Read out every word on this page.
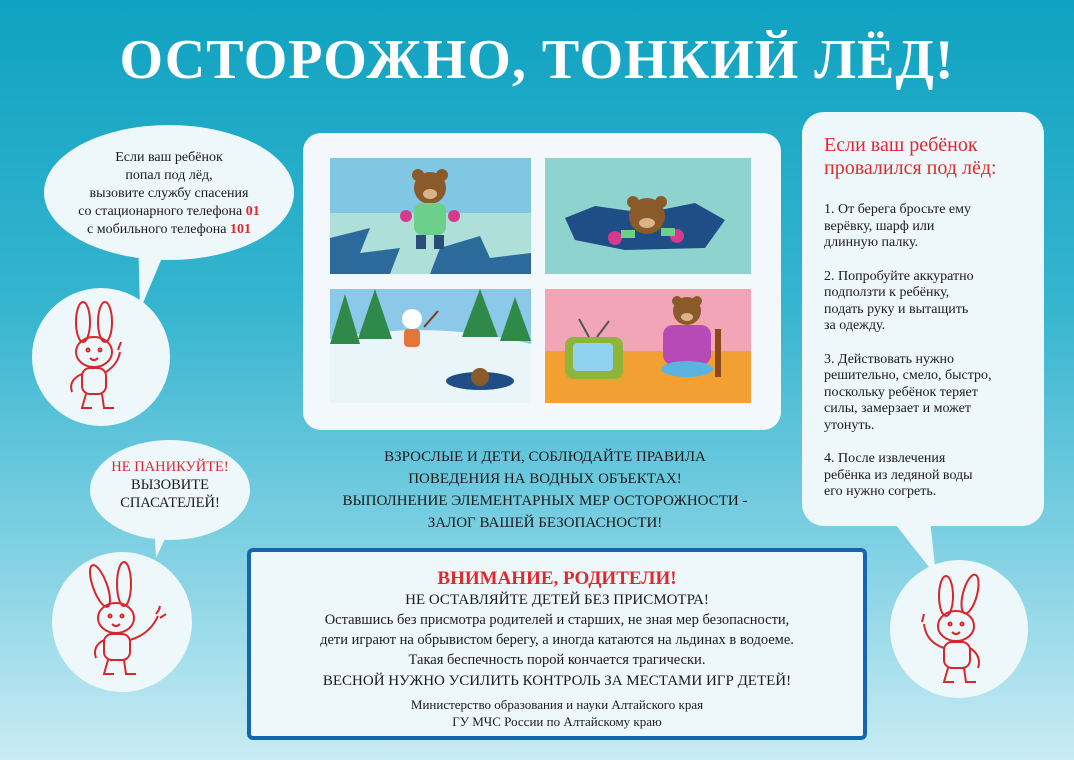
ОСТОРОЖНО, ТОНКИЙ ЛЁД!
Если ваш ребёнок
попал под лёд,
вызовите службу спасения
со стационарного телефона 01
с мобильного телефона 101
НЕ ПАНИКУЙТЕ!
ВЫЗОВИТЕ
СПАСАТЕЛЕЙ!
ВЗРОСЛЫЕ И ДЕТИ, СОБЛЮДАЙТЕ ПРАВИЛА
ПОВЕДЕНИЯ НА ВОДНЫХ ОБЪЕКТАХ!
ВЫПОЛНЕНИЕ ЭЛЕМЕНТАРНЫХ МЕР ОСТОРОЖНОСТИ -
ЗАЛОГ ВАШЕЙ БЕЗОПАСНОСТИ!
Если ваш ребёнок
провалился под лёд:
1. От берега бросьте ему
верёвку, шарф или
длинную палку.
2. Попробуйте аккуратно
подползти к ребёнку,
подать руку и вытащить
за одежду.
3. Действовать нужно
решительно, смело, быстро,
поскольку ребёнок теряет
силы, замерзает и может
утонуть.
4. После извлечения
ребёнка из ледяной воды
его нужно согреть.
ВНИМАНИЕ, РОДИТЕЛИ!
НЕ ОСТАВЛЯЙТЕ ДЕТЕЙ БЕЗ ПРИСМОТРА!
Оставшись без присмотра родителей и старших, не зная мер безопасности,
дети играют на обрывистом берегу, а иногда катаются на льдинах в водоеме.
Такая беспечность порой кончается трагически.
ВЕСНОЙ НУЖНО УСИЛИТЬ КОНТРОЛЬ ЗА МЕСТАМИ ИГР ДЕТЕЙ!
Министерство образования и науки Алтайского края
ГУ МЧС России по Алтайскому краю
